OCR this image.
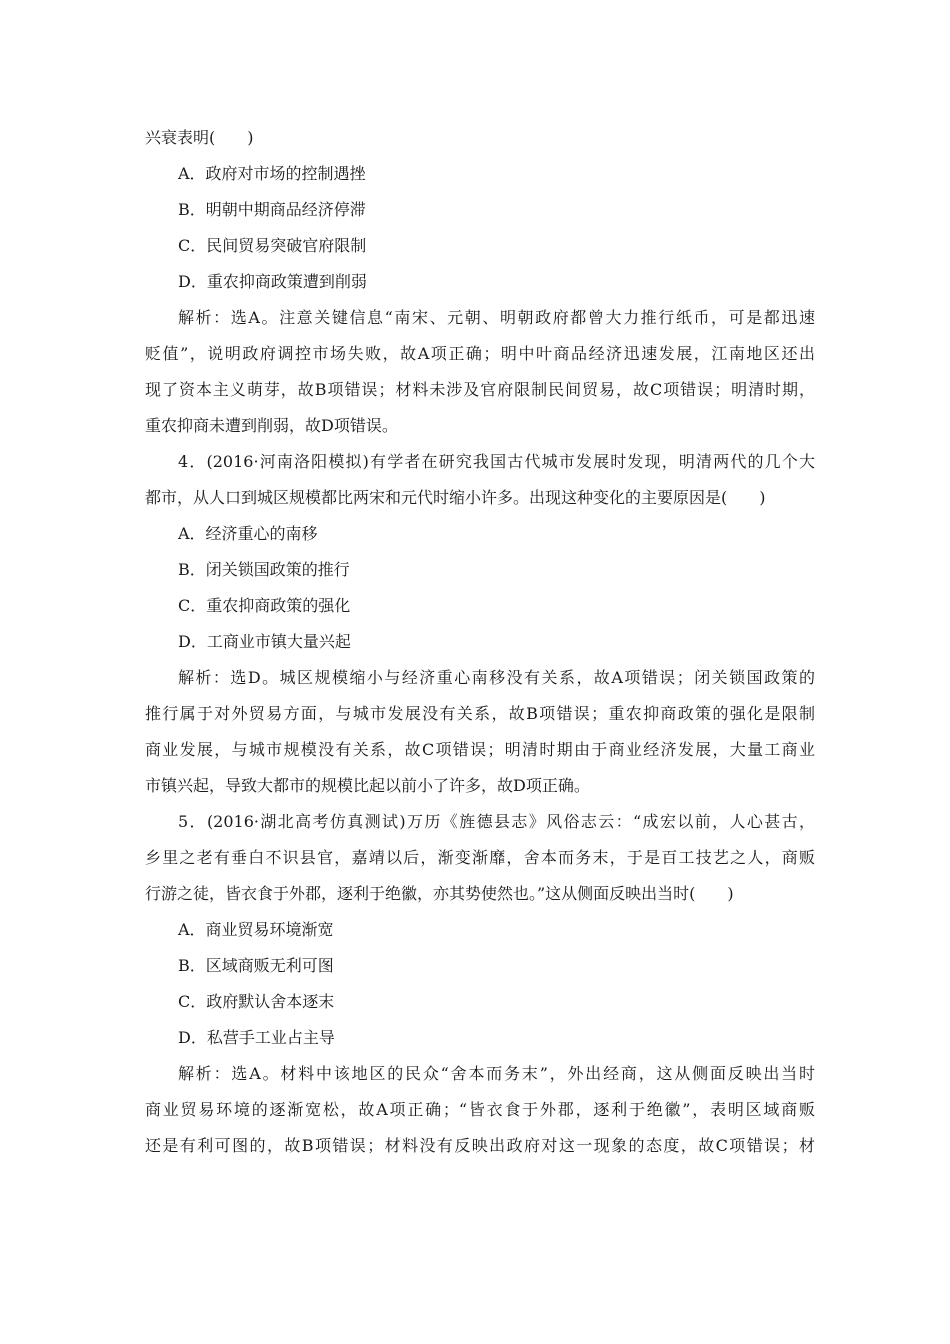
兴衰表明(　　)
A．政府对市场的控制遇挫
B．明朝中期商品经济停滞
C．民间贸易突破官府限制
D．重农抑商政策遭到削弱
解析：选A。注意关键信息“南宋、元朝、明朝政府都曾大力推行纸币，可是都迅速
贬值”，说明政府调控市场失败，故A项正确；明中叶商品经济迅速发展，江南地区还出
现了资本主义萌芽，故B项错误；材料未涉及官府限制民间贸易，故C项错误；明清时期，
重农抑商未遭到削弱，故D项错误。
4．(2016·河南洛阳模拟)有学者在研究我国古代城市发展时发现，明清两代的几个大
都市，从人口到城区规模都比两宋和元代时缩小许多。出现这种变化的主要原因是(　　)
A．经济重心的南移
B．闭关锁国政策的推行
C．重农抑商政策的强化
D．工商业市镇大量兴起
解析：选D。城区规模缩小与经济重心南移没有关系，故A项错误；闭关锁国政策的
推行属于对外贸易方面，与城市发展没有关系，故B项错误；重农抑商政策的强化是限制
商业发展，与城市规模没有关系，故C项错误；明清时期由于商业经济发展，大量工商业
市镇兴起，导致大都市的规模比起以前小了许多，故D项正确。
5．(2016·湖北高考仿真测试)万历《旌德县志》风俗志云：“成宏以前，人心甚古，
乡里之老有垂白不识县官，嘉靖以后，渐变渐靡，舍本而务末，于是百工技艺之人，商贩
行游之徒，皆衣食于外郡，逐利于绝徽，亦其势使然也。”这从侧面反映出当时(　　)
A．商业贸易环境渐宽
B．区域商贩无利可图
C．政府默认舍本逐末
D．私营手工业占主导
解析：选A。材料中该地区的民众“舍本而务末”，外出经商，这从侧面反映出当时
商业贸易环境的逐渐宽松，故A项正确；“皆衣食于外郡，逐利于绝徽”，表明区域商贩
还是有利可图的，故B项错误；材料没有反映出政府对这一现象的态度，故C项错误；材
